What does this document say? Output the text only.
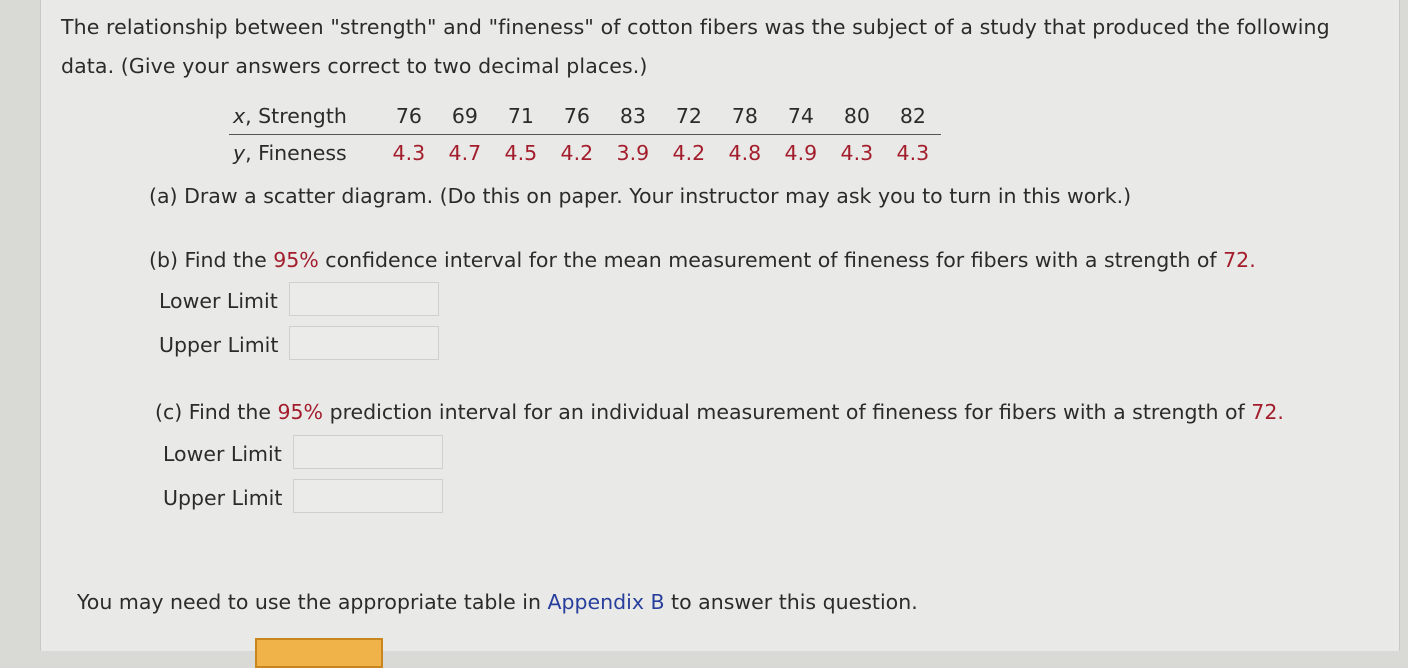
The relationship between "strength" and "fineness" of cotton fibers was the subject of a study that produced the following data. (Give your answers correct to two decimal places.)
x, Strength	76	69	71	76	83	72	78	74	80	82
y, Fineness	4.3	4.7	4.5	4.2	3.9	4.2	4.8	4.9	4.3	4.3
(a) Draw a scatter diagram. (Do this on paper. Your instructor may ask you to turn in this work.)
(b) Find the 95% confidence interval for the mean measurement of fineness for fibers with a strength of 72.
Lower Limit
Upper Limit
(c) Find the 95% prediction interval for an individual measurement of fineness for fibers with a strength of 72.
Lower Limit
Upper Limit
You may need to use the appropriate table in Appendix B to answer this question.
